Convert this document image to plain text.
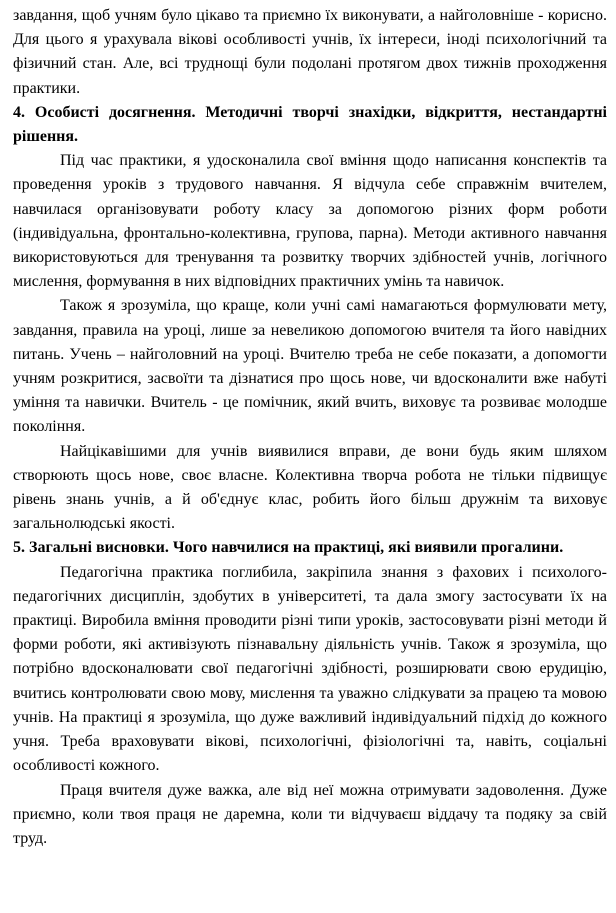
завдання, щоб учням було цікаво та приємно їх виконувати, а найголовніше - корисно. Для цього я урахувала вікові особливості учнів, їх інтереси, іноді психологічний та фізичний стан. Але, всі труднощі були подолані протягом двох тижнів проходження практики.

4. Особисті досягнення. Методичні творчі знахідки, відкриття, нестандартні рішення.

Під час практики, я удосконалила свої вміння щодо написання конспектів та проведення уроків з трудового навчання. Я відчула себе справжнім вчителем, навчилася організовувати роботу класу за допомогою різних форм роботи (індивідуальна, фронтально-колективна, групова, парна). Методи активного навчання використовуються для тренування та розвитку творчих здібностей учнів, логічного мислення, формування в них відповідних практичних умінь та навичок.

Також я зрозуміла, що краще, коли учні самі намагаються формулювати мету, завдання, правила на уроці, лише за невеликою допомогою вчителя та його навідних питань. Учень – найголовний на уроці. Вчителю треба не себе показати, а допомогти учням розкритися, засвоїти та дізнатися про щось нове, чи вдосконалити вже набуті уміння та навички. Вчитель - це помічник, який вчить, виховує та розвиває молодше покоління.

Найцікавішими для учнів виявилися вправи, де вони будь яким шляхом створюють щось нове, своє власне. Колективна творча робота не тільки підвищує рівень знань учнів, а й об'єднує клас, робить його більш дружнім та виховує загальнолюдські якості.

5. Загальні висновки. Чого навчилися на практиці, які виявили прогалини.

Педагогічна практика поглибила, закріпила знання з фахових і психолого-педагогічних дисциплін, здобутих в університеті, та дала змогу застосувати їх на практиці. Виробила вміння проводити різні типи уроків, застосовувати різні методи й форми роботи, які активізують пізнавальну діяльність учнів. Також я зрозуміла, що потрібно вдосконалювати свої педагогічні здібності, розширювати свою ерудицію, вчитись контролювати свою мову, мислення та уважно слідкувати за працею та мовою учнів. На практиці я зрозуміла, що дуже важливий індивідуальний підхід до кожного учня. Треба враховувати вікові, психологічні, фізіологічні та, навіть, соціальні особливості кожного.

Праця вчителя дуже важка, але від неї можна отримувати задоволення. Дуже приємно, коли твоя праця не даремна, коли ти відчуваєш віддачу та подяку за свій труд.
